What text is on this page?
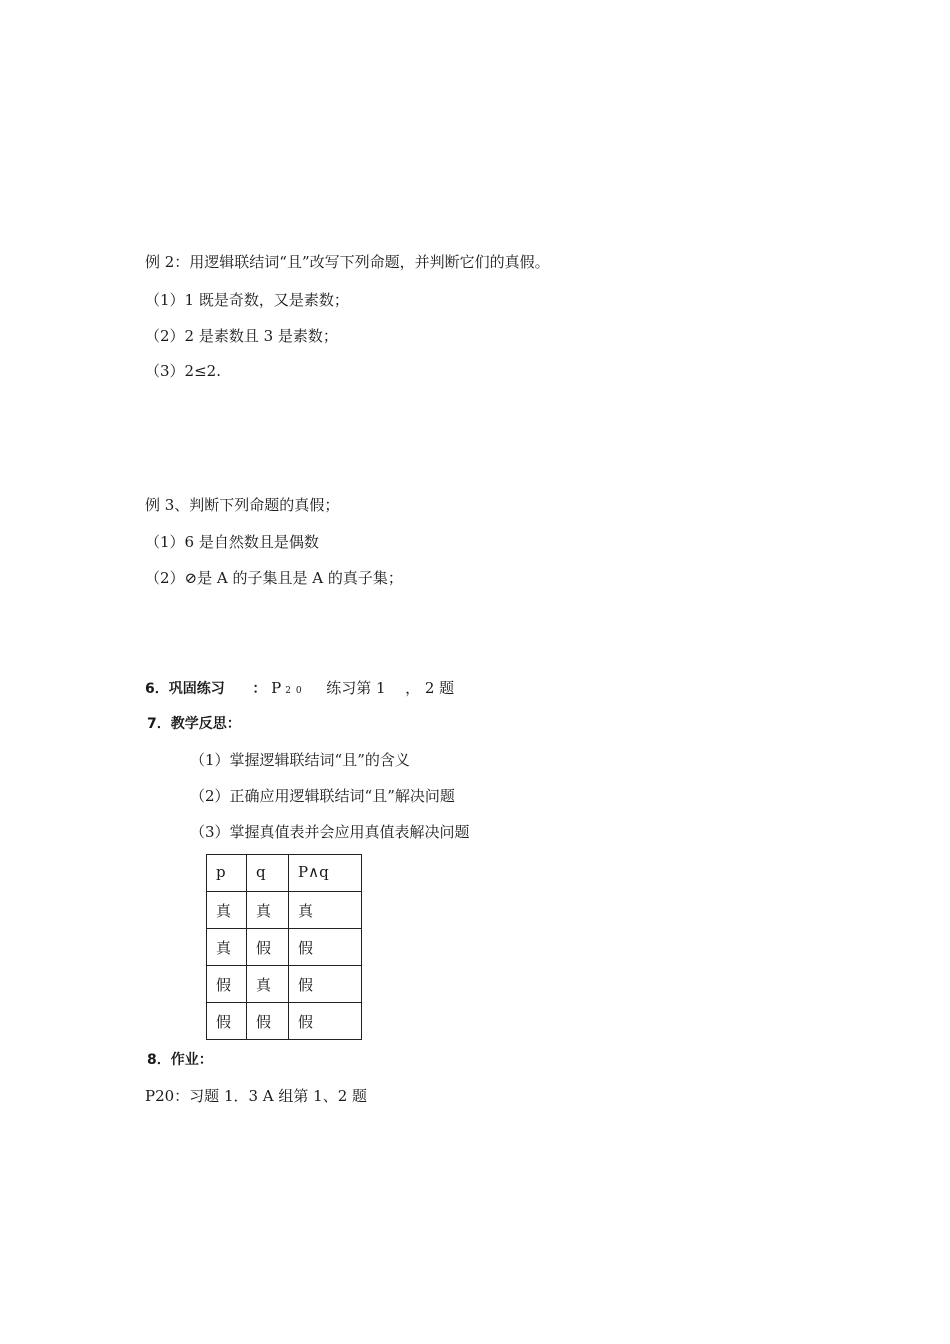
例 2：用逻辑联结词“且”改写下列命题，并判断它们的真假。
（1）1 既是奇数，又是素数；
（2）2 是素数且 3 是素数；
（3）2≤2.
例 3、判断下列命题的真假；
（1）6 是自然数且是偶数
（2）⊘是 A 的子集且是 A 的真子集；
6．巩固练习 ： P 20 练习第 1 ， 2 题
7．教学反思：
（1）掌握逻辑联结词“且”的含义
（2）正确应用逻辑联结词“且”解决问题
（3）掌握真值表并会应用真值表解决问题
p	q	P∧q
真	真	真
真	假	假
假	真	假
假	假	假
8．作业：
P20：习题 1．3 A 组第 1、2 题
